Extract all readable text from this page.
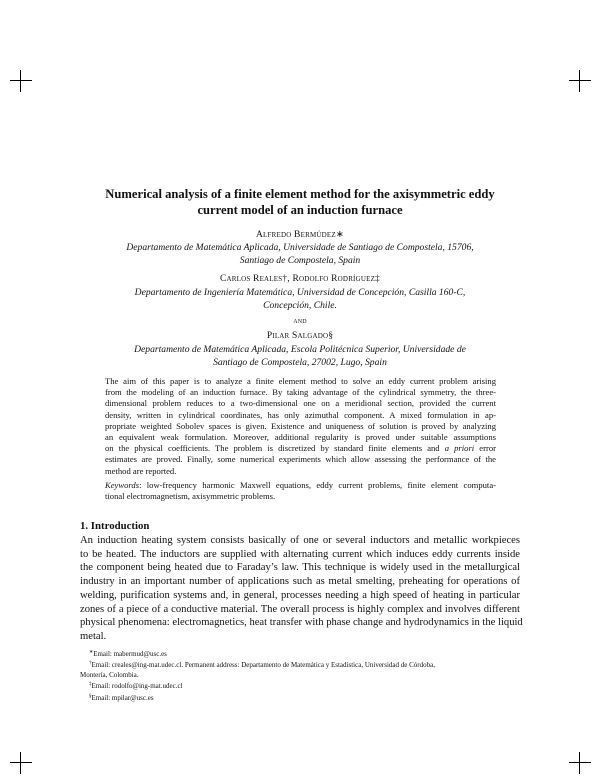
Numerical analysis of a finite element method for the axisymmetric eddy
current model of an induction furnace
Alfredo Bermúdez∗
Departamento de Matemática Aplicada, Universidade de Santiago de Compostela, 15706,
Santiago de Compostela, Spain
Carlos Reales†, Rodolfo Rodríguez‡
Departamento de Ingeniería Matemática, Universidad de Concepción, Casilla 160-C,
Concepción, Chile.
and
Pilar Salgado§
Departamento de Matemática Aplicada, Escola Politécnica Superior, Universidade de
Santiago de Compostela, 27002, Lugo, Spain
The aim of this paper is to analyze a finite element method to solve an eddy current problem arising
from the modeling of an induction furnace. By taking advantage of the cylindrical symmetry, the three-
dimensional problem reduces to a two-dimensional one on a meridional section, provided the current
density, written in cylindrical coordinates, has only azimuthal component. A mixed formulation in ap-
propriate weighted Sobolev spaces is given. Existence and uniqueness of solution is proved by analyzing
an equivalent weak formulation. Moreover, additional regularity is proved under suitable assumptions
on the physical coefficients. The problem is discretized by standard finite elements and a priori error
estimates are proved. Finally, some numerical experiments which allow assessing the performance of the
method are reported.
Keywords: low-frequency harmonic Maxwell equations, eddy current problems, finite element computa-
tional electromagnetism, axisymmetric problems.
1. Introduction
An induction heating system consists basically of one or several inductors and metallic workpieces
to be heated. The inductors are supplied with alternating current which induces eddy currents inside
the component being heated due to Faraday’s law. This technique is widely used in the metallurgical
industry in an important number of applications such as metal smelting, preheating for operations of
welding, purification systems and, in general, processes needing a high speed of heating in particular
zones of a piece of a conductive material. The overall process is highly complex and involves different
physical phenomena: electromagnetics, heat transfer with phase change and hydrodynamics in the liquid
metal.
∗Email: mabermud@usc.es
†Email: creales@ing-mat.udec.cl. Permanent address: Departamento de Matemática y Estadística, Universidad de Córdoba,
Montería, Colombia.
‡Email: rodolfo@ing-mat.udec.cl
§Email: mpilar@usc.es
